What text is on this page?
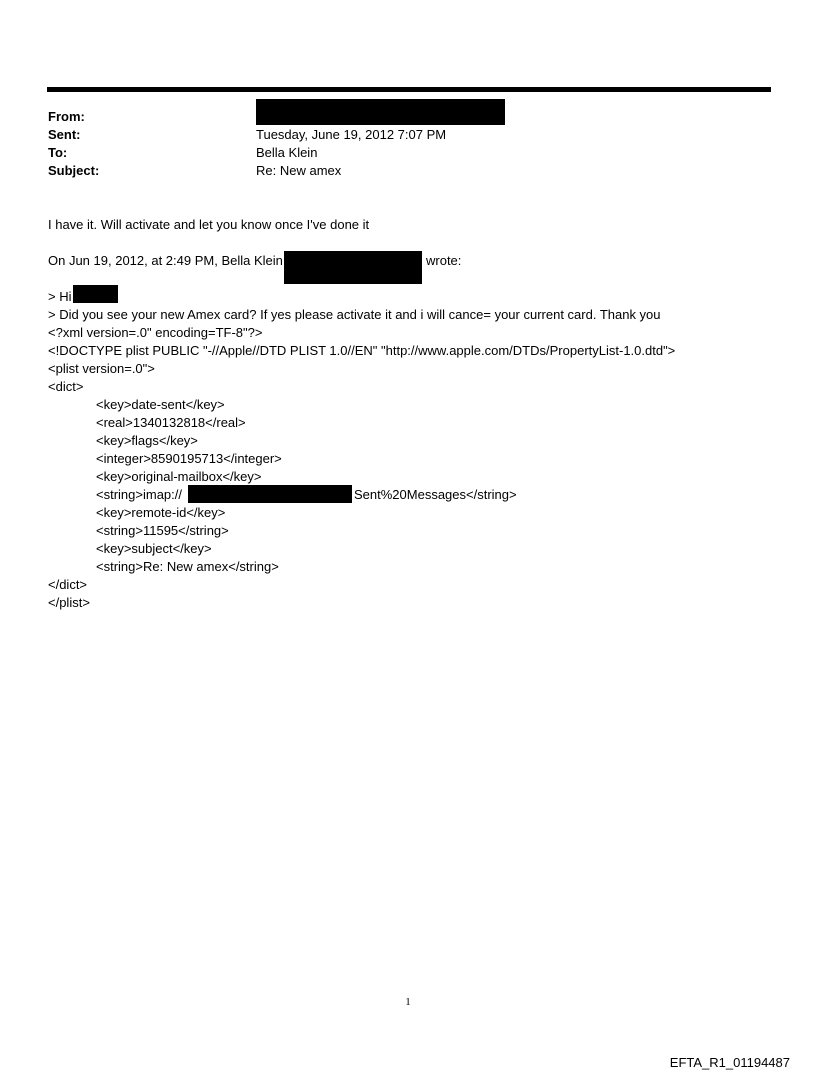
From:
Sent:	Tuesday, June 19, 2012 7:07 PM
To:	Bella Klein
Subject:	Re: New amex
I have it. Will activate and let you know once I've done it
On Jun 19, 2012, at 2:49 PM, Bella Klein	wrote:
> Hi
> Did you see your new Amex card? If yes please activate it and i will cance= your current card. Thank you
<?xml version=.0" encoding=TF-8"?>
<!DOCTYPE plist PUBLIC "-//Apple//DTD PLIST 1.0//EN" "http://www.apple.com/DTDs/PropertyList-1.0.dtd">
<plist version=.0">
<dict>
<key>date-sent</key>
<real>1340132818</real>
<key>flags</key>
<integer>8590195713</integer>
<key>original-mailbox</key>
<string>imap://	Sent%20Messages</string>
<key>remote-id</key>
<string>11595</string>
<key>subject</key>
<string>Re: New amex</string>
</dict>
</plist>
1
EFTA_R1_01194487
